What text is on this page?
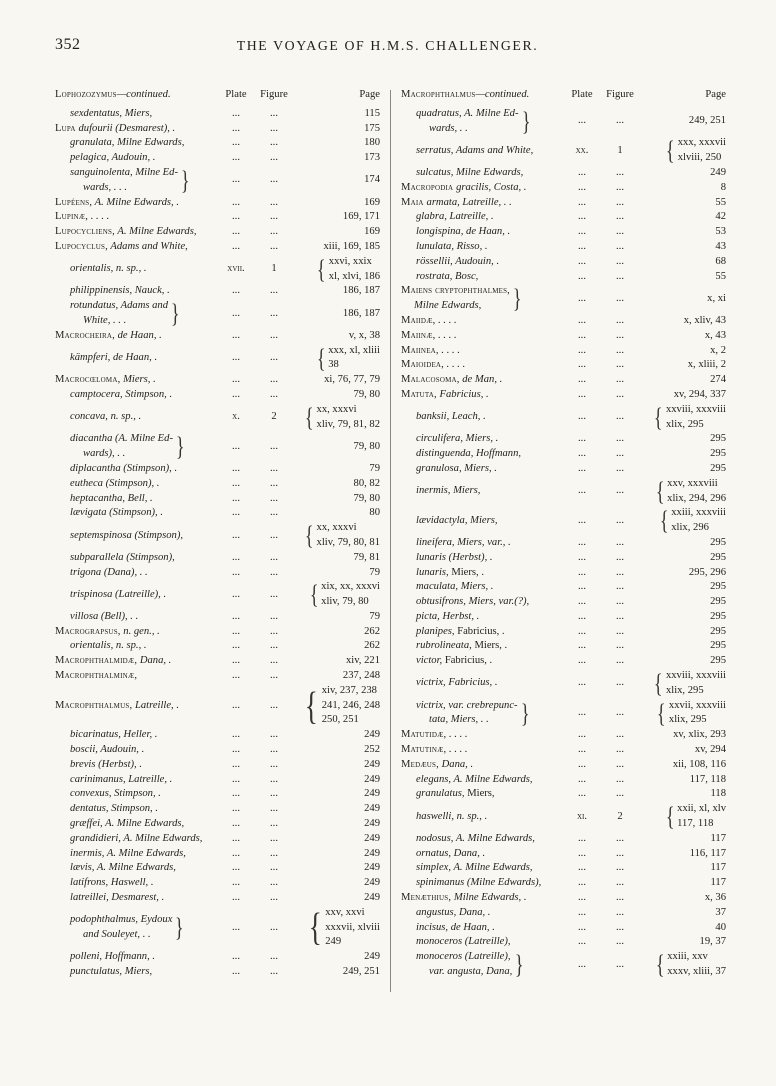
352	THE VOYAGE OF H.M.S. CHALLENGER.
Lophozozymus—continued.	Plate	Figure	Page
sexdentatus, Miers,	...	...	115
Lupa dufourii (Desmarest), .	...	...	175
granulata, Milne Edwards,	...	...	180
pelagica, Audouin, .	...	...	173
sanguinolenta, Milne Ed-
wards, . . .	}	...	...	174
Lupéens, A. Milne Edwards, .	...	...	169
Lupinæ, . . . .	...	...	169, 171
Lupocycliens, A. Milne Edwards,	...	...	169
Lupocyclus, Adams and White,	...	...	xiii, 169, 185
orientalis, n. sp., .	xvii.	1	{ xxvi, xxix
xl, xlvi, 186
philippinensis, Nauck, .	...	...	186, 187
rotundatus, Adams and
White, . . .	}	...	...	186, 187
Macrocheira, de Haan, .	...	...	v, x, 38
kämpferi, de Haan, .	...	...	{ xxx, xl, xliii
38
Macrocœloma, Miers, .	...	...	xi, 76, 77, 79
camptocera, Stimpson, .	...	...	79, 80
concava, n. sp., .	x.	2	{ xx, xxxvi
xliv, 79, 81, 82
diacantha (A. Milne Ed-
wards), . .	}	...	...	79, 80
diplacantha (Stimpson), .	...	...	79
eutheca (Stimpson), .	...	...	80, 82
heptacantha, Bell, .	...	...	79, 80
lævigata (Stimpson), .	...	...	80
septemspinosa (Stimpson),	...	...	{ xx, xxxvi
xliv, 79, 80, 81
subparallela (Stimpson),	...	...	79, 81
trigona (Dana), . .	...	...	79
trispinosa (Latreille), .	...	...	{ xix, xx, xxxvi
xliv, 79, 80
villosa (Bell), . .	...	...	79
Macrograpsus, n. gen., .	...	...	262
orientalis, n. sp., .	...	...	262
Macrophthalmidæ, Dana, .	...	...	xiv, 221
Macrophthalminæ,	...	...	237, 248
Macrophthalmus, Latreille, .	...	... { xiv, 237, 238
241, 246, 248
250, 251
bicarinatus, Heller, .	...	...	249
boscii, Audouin, .	...	...	252
brevis (Herbst), .	...	...	249
carinimanus, Latreille, .	...	...	249
convexus, Stimpson, .	...	...	249
dentatus, Stimpson, .	...	...	249
græffei, A. Milne Edwards,	...	...	249
grandidieri, A. Milne Edwards,	...	...	249
inermis, A. Milne Edwards,	...	...	249
lævis, A. Milne Edwards,	...	...	249
latifrons, Haswell, .	...	...	249
latreillei, Desmarest, .	...	...	249
podophthalmus, Eydoux
and Souleyet, . . }	...	... { xxv, xxvi
xxxvii, xlviii
249
polleni, Hoffmann, .	...	...	249
punctulatus, Miers,	...	...	249, 251
Macrophthalmus—continued.	Plate	Figure	Page
quadratus, A. Milne Ed-
wards, . .	}	...	...	249, 251
serratus, Adams and White,	xx.	1	{ xxx, xxxvii
xlviii, 250
sulcatus, Milne Edwards,	...	...	249
Macropodia gracilis, Costa, .	...	...	8
Maia armata, Latreille, . .	...	...	55
glabra, Latreille, .	...	...	42
longispina, de Haan, .	...	...	53
lunulata, Risso, .	...	...	43
rössellii, Audouin, .	...	...	68
rostrata, Bosc,	...	...	55
Maiens cryptophthalmes,
Milne Edwards,	}	...	...	x, xi
Maiidæ, . . . .	...	...	x, xliv, 43
Maiinæ, . . . .	...	...	x, 43
Maiinea, . . . .	...	...	x, 2
Maioidea, . . . .	...	...	x, xliii, 2
Malacosoma, de Man, .	...	...	274
Matuta, Fabricius, .	...	...	xv, 294, 337
banksii, Leach, .	...	...	{ xxviii, xxxviii
xlix, 295
circulifera, Miers, .	...	...	295
distinguenda, Hoffmann,	...	...	295
granulosa, Miers, .	...	...	295
inermis, Miers,	...	...	{ xxv, xxxviii
xlix, 294, 296
lævidactyla, Miers,	...	...	{ xxiii, xxxviii
xlix, 296
lineifera, Miers, var., .	...	...	295
lunaris (Herbst), .	...	...	295
lunaris, Miers, .	...	...	295, 296
maculata, Miers, .	...	...	295
obtusifrons, Miers, var.(?),	...	...	295
picta, Herbst, .	...	...	295
planipes, Fabricius, .	...	...	295
rubrolineata, Miers, .	...	...	295
victor, Fabricius, .	...	...	295
victrix, Fabricius, .	...	...	{ xxviii, xxxviii
xlix, 295
victrix, var. crebrepunc-
tata, Miers, . .	}	...	...	{ xxvii, xxxviii
xlix, 295
Matutidæ, . . . .	...	...	xv, xlix, 293
Matutinæ, . . . .	...	...	xv, 294
Medæus, Dana, .	...	...	xii, 108, 116
elegans, A. Milne Edwards,	...	...	117, 118
granulatus, Miers,	...	...	118
haswelli, n. sp., .	xi.	2	{ xxii, xl, xlv
117, 118
nodosus, A. Milne Edwards,	...	...	117
ornatus, Dana, .	...	...	116, 117
simplex, A. Milne Edwards,	...	...	117
spinimanus (Milne Edwards),	...	...	117
Menæthius, Milne Edwards, .	...	...	x, 36
angustus, Dana, .	...	...	37
incisus, de Haan, .	...	...	40
monoceros (Latreille),	...	...	19, 37
monoceros (Latreille),
var. angusta, Dana, }	...	...	{ xxiii, xxv
xxxv, xliii, 37
